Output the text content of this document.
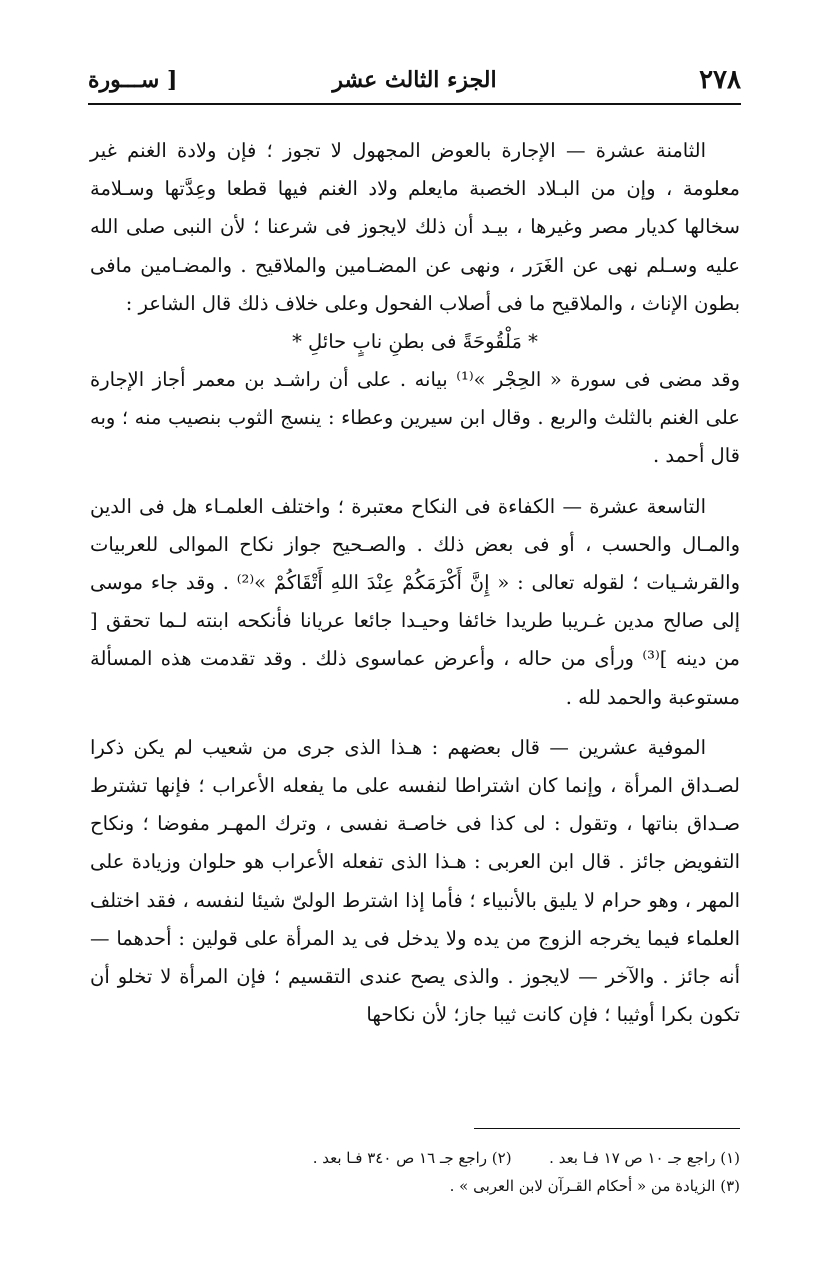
٢٧٨
الجزء الثالث عشر
[ ســـورة

الثامنة عشرة — الإجارة بالعوض المجهول لا تجوز ؛ فإن ولادة الغنم غير معلومة ، وإن من البـلاد الخصبة مايعلم ولاد الغنم فيها قطعا وعِدَّتها وسـلامة سخالها كديار مصر وغيرها ، بيـد أن ذلك لايجوز فى شرعنا ؛ لأن النبى صلى الله عليه وسـلم نهى عن الغَرَر ، ونهى عن المضـامين والملاقيح . والمضـامين مافى بطون الإناث ، والملاقيح ما فى أصلاب الفحول وعلى خلاف ذلك قال الشاعر :

* مَلْقُوحَةً فى بطنِ نابٍ حائلِ *

وقد مضى فى سورة « الحِجْر »⁽¹⁾ بيانه . على أن راشـد بن معمر أجاز الإجارة على الغنم بالثلث والربع . وقال ابن سيرين وعطاء : ينسج الثوب بنصيب منه ؛ وبه قال أحمد .

التاسعة عشرة — الكفاءة فى النكاح معتبرة ؛ واختلف العلمـاء هل فى الدين والمـال والحسب ، أو فى بعض ذلك . والصـحيح جواز نكاح الموالى للعربيات والقرشـيات ؛ لقوله تعالى : « إِنَّ أَكْرَمَكُمْ عِنْدَ اللهِ أَتْقَاكُمْ »⁽²⁾ . وقد جاء موسى إلى صالح مدين غـريبا طريدا خائفا وحيـدا جائعا عريانا فأنكحه ابنته لـما تحقق [ من دينه ]⁽³⁾ ورأى من حاله ، وأعرض عماسوى ذلك . وقد تقدمت هذه المسألة مستوعبة والحمد لله .

الموفية عشرين — قال بعضهم : هـذا الذى جرى من شعيب لم يكن ذكرا لصـداق المرأة ، وإنما كان اشتراطا لنفسه على ما يفعله الأعراب ؛ فإنها تشترط صـداق بناتها ، وتقول : لى كذا فى خاصـة نفسى ، وترك المهـر مفوضا ؛ ونكاح التفويض جائز . قال ابن العربى : هـذا الذى تفعله الأعراب هو حلوان وزيادة على المهر ، وهو حرام لا يليق بالأنبياء ؛ فأما إذا اشترط الولىّ شيئا لنفسه ، فقد اختلف العلماء فيما يخرجه الزوج من يده ولا يدخل فى يد المرأة على قولين : أحدهما — أنه جائز . والآخر — لايجوز . والذى يصح عندى التقسيم ؛ فإن المرأة لا تخلو أن تكون بكرا أوثيبا ؛ فإن كانت ثيبا جاز؛ لأن نكاحها

(١) راجع جـ ١٠ ص ١٧ فـا بعد .  (٢) راجع جـ ١٦ ص ٣٤٠ فـا بعد .

(٣) الزيادة من « أحكام القـرآن لابن العربى » .
